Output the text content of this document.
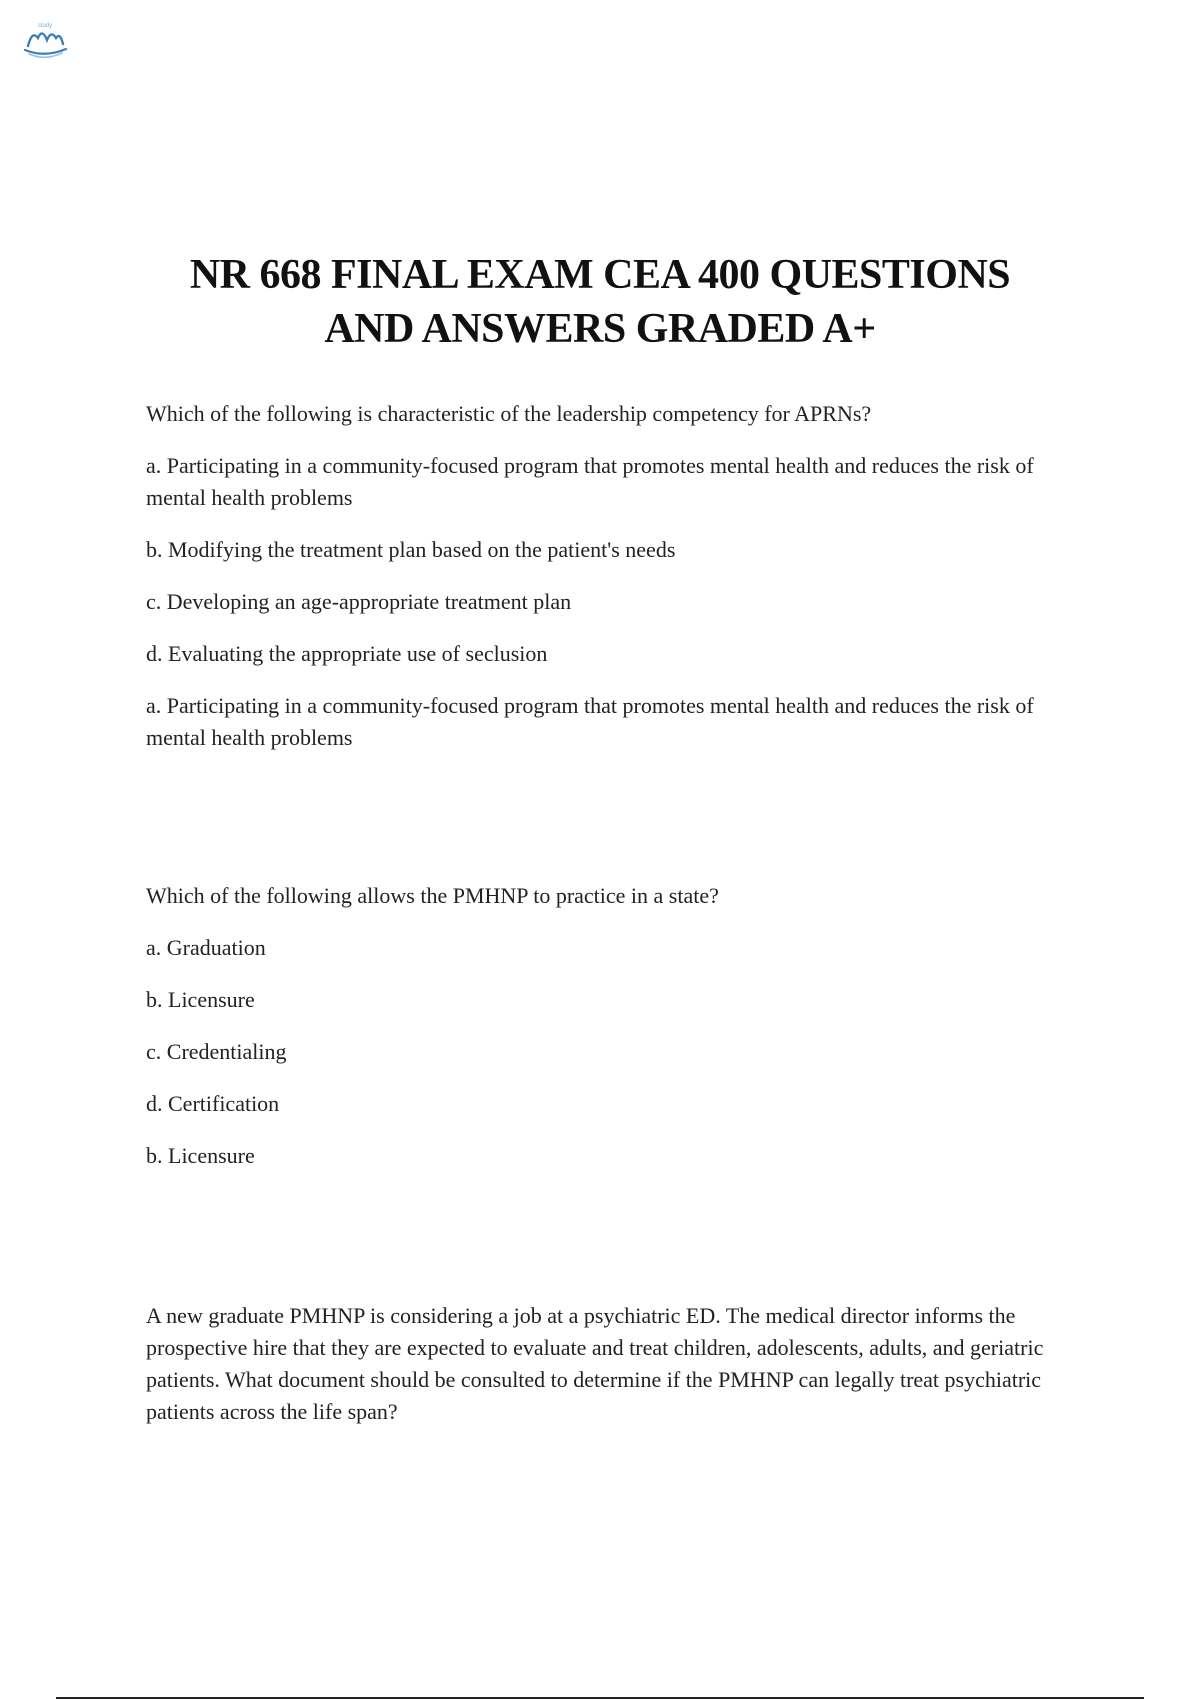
study
NR 668 FINAL EXAM CEA 400 QUESTIONS
AND ANSWERS GRADED A+

Which of the following is characteristic of the leadership competency for APRNs?

a. Participating in a community-focused program that promotes mental health and reduces the risk of mental health problems

b. Modifying the treatment plan based on the patient's needs

c. Developing an age-appropriate treatment plan

d. Evaluating the appropriate use of seclusion

a. Participating in a community-focused program that promotes mental health and reduces the risk of mental health problems

Which of the following allows the PMHNP to practice in a state?

a. Graduation

b. Licensure

c. Credentialing

d. Certification

b. Licensure

A new graduate PMHNP is considering a job at a psychiatric ED. The medical director informs the prospective hire that they are expected to evaluate and treat children, adolescents, adults, and geriatric patients. What document should be consulted to determine if the PMHNP can legally treat psychiatric patients across the life span?
